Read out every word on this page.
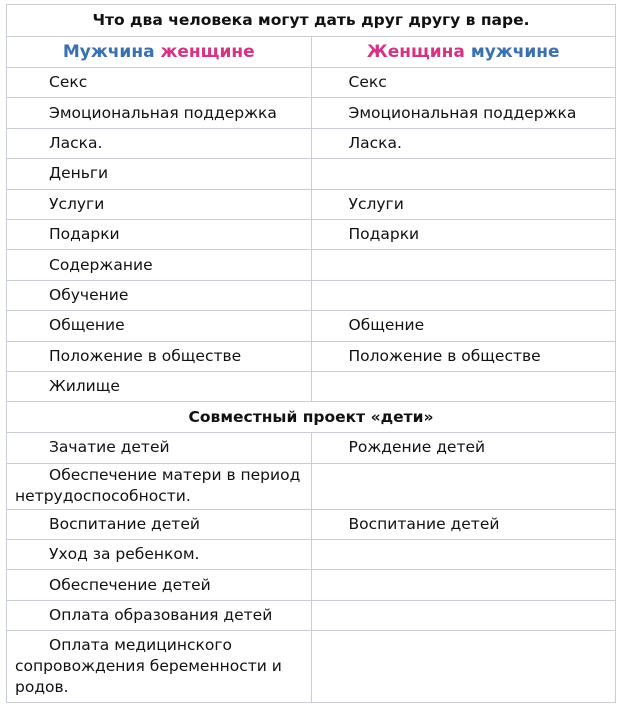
Что два человека могут дать друг другу в паре.	
Мужчина женщине	Женщина мужчине

Секс	Секс

Эмоциональная поддержка	Эмоциональная поддержка

Ласка.	Ласка.

Деньги	

Услуги	Услуги

Подарки	Подарки

Содержание	

Обучение	

Общение	Общение

Положение в обществе	Положение в обществе

Жилище	

Совместный проект «дети»	

Зачатие детей	Рождение детей

Обеспечение матери в период нетрудоспособности.	

Воспитание детей	Воспитание детей

Уход за ребенком.	

Обеспечение детей	

Оплата образования детей	

Оплата медицинского сопровождения беременности и родов.	
